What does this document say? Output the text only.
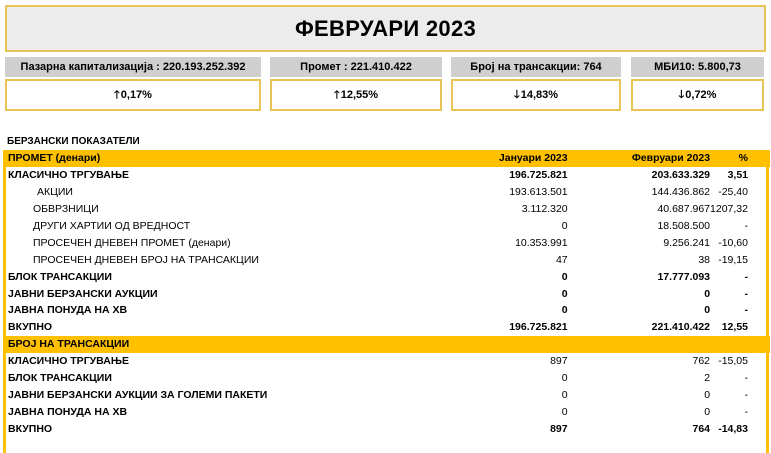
ФЕВРУАРИ 2023
Пазарна капитализација : 220.193.252.392
🡑 0,17%
Промет : 221.410.422
🡑 12,55%
Број на трансакции: 764
🡓 14,83%
МБИ10: 5.800,73
🡓 0,72%
БЕРЗАНСКИ ПОКАЗАТЕЛИ
ПРОМЕТ (денари)	Јануари 2023	Февруари 2023	%
КЛАСИЧНО ТРГУВАЊЕ	196.725.821	203.633.329	3,51
АКЦИИ	193.613.501	144.436.862	-25,40
ОБВРЗНИЦИ	3.112.320	40.687.967	1207,32
ДРУГИ ХАРТИИ ОД ВРЕДНОСТ	0	18.508.500	-
ПРОСЕЧЕН ДНЕВЕН ПРОМЕТ (денари)	10.353.991	9.256.241	-10,60
ПРОСЕЧЕН ДНЕВЕН БРОЈ НА ТРАНСАКЦИИ	47	38	-19,15
БЛОК ТРАНСАКЦИИ	0	17.777.093	-
ЈАВНИ БЕРЗАНСКИ АУКЦИИ	0	0	-
ЈАВНА ПОНУДА НА ХВ	0	0	-
ВКУПНО	196.725.821	221.410.422	12,55
БРОЈ НА ТРАНСАКЦИИ			
КЛАСИЧНО ТРГУВАЊЕ	897	762	-15,05
БЛОК ТРАНСАКЦИИ	0	2	-
ЈАВНИ БЕРЗАНСКИ АУКЦИИ ЗА ГОЛЕМИ ПАКЕТИ	0	0	-
ЈАВНА ПОНУДА НА ХВ	0	0	-
ВКУПНО	897	764	-14,83
